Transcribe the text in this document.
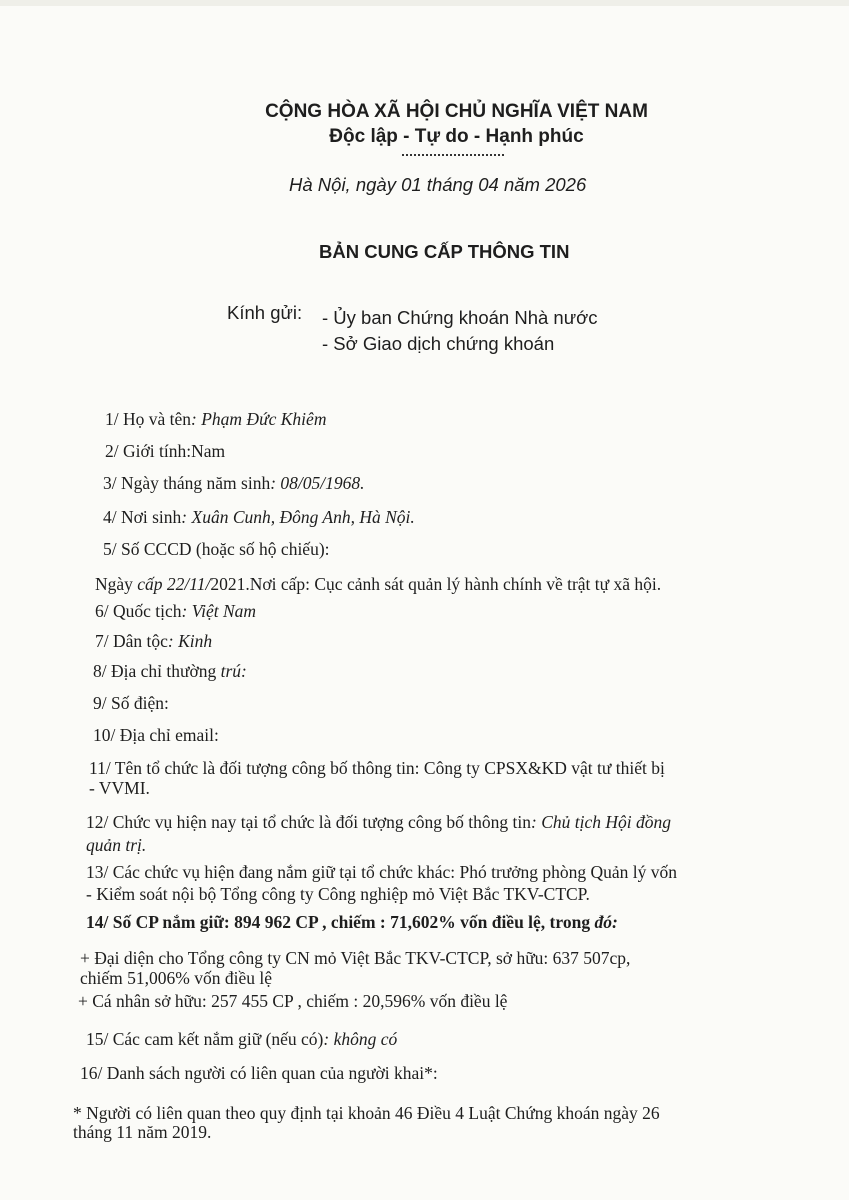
CỘNG HÒA XÃ HỘI CHỦ NGHĨA VIỆT NAM
Độc lập - Tự do - Hạnh phúc
Hà Nội, ngày 01 tháng 04 năm 2026
BẢN CUNG CẤP THÔNG TIN
Kính gửi: - Ủy ban Chứng khoán Nhà nước
- Sở Giao dịch chứng khoán
1/ Họ và tên: Phạm Đức Khiêm
2/ Giới tính:Nam
3/ Ngày tháng năm sinh: 08/05/1968.
4/ Nơi sinh: Xuân Cunh, Đông Anh, Hà Nội.
5/ Số CCCD (hoặc số hộ chiếu):
Ngày cấp 22/11/2021.Nơi cấp: Cục cảnh sát quản lý hành chính về trật tự xã hội.
6/ Quốc tịch: Việt Nam
7/ Dân tộc: Kinh
8/ Địa chỉ thường trú:
9/ Số điện:
10/ Địa chỉ email:
11/ Tên tổ chức là đối tượng công bố thông tin: Công ty CPSX&KD vật tư thiết bị
- VVMI.
12/ Chức vụ hiện nay tại tổ chức là đối tượng công bố thông tin: Chủ tịch Hội đồng
quản trị.
13/ Các chức vụ hiện đang nắm giữ tại tổ chức khác: Phó trưởng phòng Quản lý vốn
- Kiểm soát nội bộ Tổng công ty Công nghiệp mỏ Việt Bắc TKV-CTCP.
14/ Số CP nắm giữ: 894 962 CP , chiếm : 71,602% vốn điều lệ, trong đó:
+ Đại diện cho Tổng công ty CN mỏ Việt Bắc TKV-CTCP, sở hữu: 637 507cp,
chiếm 51,006% vốn điều lệ
+ Cá nhân sở hữu: 257 455 CP , chiếm : 20,596% vốn điều lệ
15/ Các cam kết nắm giữ (nếu có): không có
16/ Danh sách người có liên quan của người khai*:
* Người có liên quan theo quy định tại khoản 46 Điều 4 Luật Chứng khoán ngày 26
tháng 11 năm 2019.
